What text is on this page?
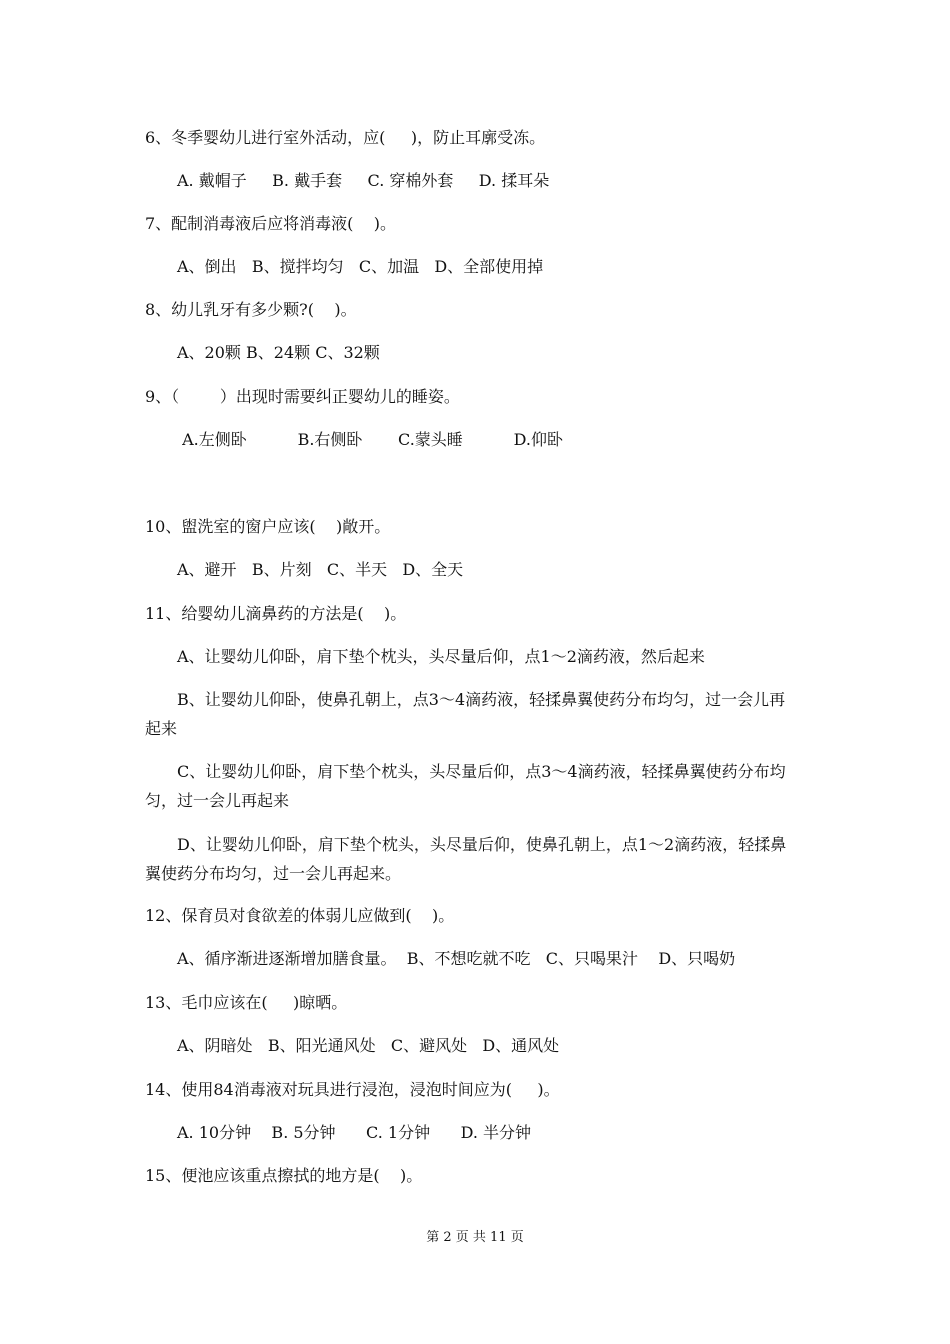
6、冬季婴幼儿进行室外活动，应(     )，防止耳廓受冻。
A. 戴帽子     B. 戴手套     C. 穿棉外套     D. 揉耳朵
7、配制消毒液后应将消毒液(    )。
A、倒出   B、搅拌均匀   C、加温   D、全部使用掉
8、幼儿乳牙有多少颗?(    )。
A、20颗 B、24颗 C、32颗
9、（        ）出现时需要纠正婴幼儿的睡姿。
A.左侧卧          B.右侧卧       C.蒙头睡          D.仰卧
10、盥洗室的窗户应该(    )敞开。
A、避开   B、片刻   C、半天   D、全天
11、给婴幼儿滴鼻药的方法是(    )。
A、让婴幼儿仰卧，肩下垫个枕头，头尽量后仰，点1～2滴药液，然后起来
B、让婴幼儿仰卧，使鼻孔朝上，点3～4滴药液，轻揉鼻翼使药分布均匀，过一会儿再
起来
C、让婴幼儿仰卧，肩下垫个枕头，头尽量后仰，点3～4滴药液，轻揉鼻翼使药分布均
匀，过一会儿再起来
D、让婴幼儿仰卧，肩下垫个枕头，头尽量后仰，使鼻孔朝上，点1～2滴药液，轻揉鼻
翼使药分布均匀，过一会儿再起来。
12、保育员对食欲差的体弱儿应做到(    )。
A、循序渐进逐渐增加膳食量。  B、不想吃就不吃   C、只喝果汁    D、只喝奶
13、毛巾应该在(     )晾晒。
A、阴暗处   B、阳光通风处   C、避风处   D、通风处
14、使用84消毒液对玩具进行浸泡，浸泡时间应为(     )。
A. 10分钟    B. 5分钟      C. 1分钟      D. 半分钟
15、便池应该重点擦拭的地方是(    )。
第 2 页 共 11 页
